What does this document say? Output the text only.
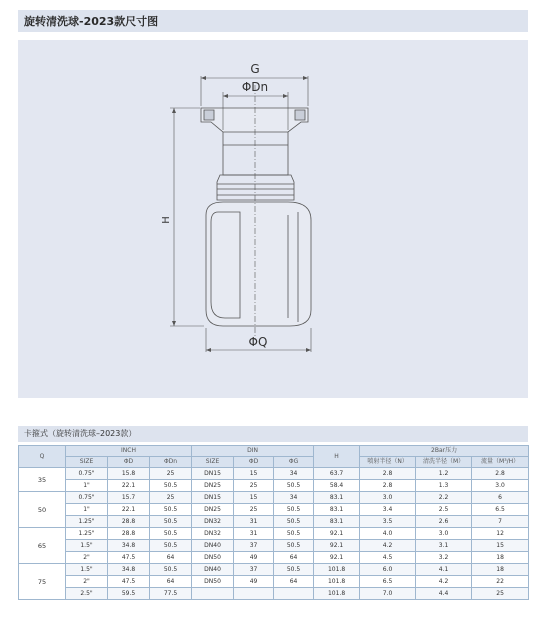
旋转清洗球-2023款尺寸图
G
ΦDn
H
ΦQ
卡箍式（旋转清洗球–2023款）
Q	INCH			DIN			H	2Bar压力		
	SIZE	ΦD	ΦDn	SIZE	ΦD	ΦG		喷射半径（N）	清洗半径（M）	流量（M³/H）
35	0.75"	15.8	25	DN15	15	34	63.7	2.8	1.2	2.8
	1"	22.1	50.5	DN25	25	50.5	58.4	2.8	1.3	3.0
50	0.75"	15.7	25	DN15	15	34	83.1	3.0	2.2	6
	1"	22.1	50.5	DN25	25	50.5	83.1	3.4	2.5	6.5
	1.25"	28.8	50.5	DN32	31	50.5	83.1	3.5	2.6	7
65	1.25"	28.8	50.5	DN32	31	50.5	92.1	4.0	3.0	12
	1.5"	34.8	50.5	DN40	37	50.5	92.1	4.2	3.1	15
	2"	47.5	64	DN50	49	64	92.1	4.5	3.2	18
75	1.5"	34.8	50.5	DN40	37	50.5	101.8	6.0	4.1	18
	2"	47.5	64	DN50	49	64	101.8	6.5	4.2	22
	2.5"	59.5	77.5				101.8	7.0	4.4	25
